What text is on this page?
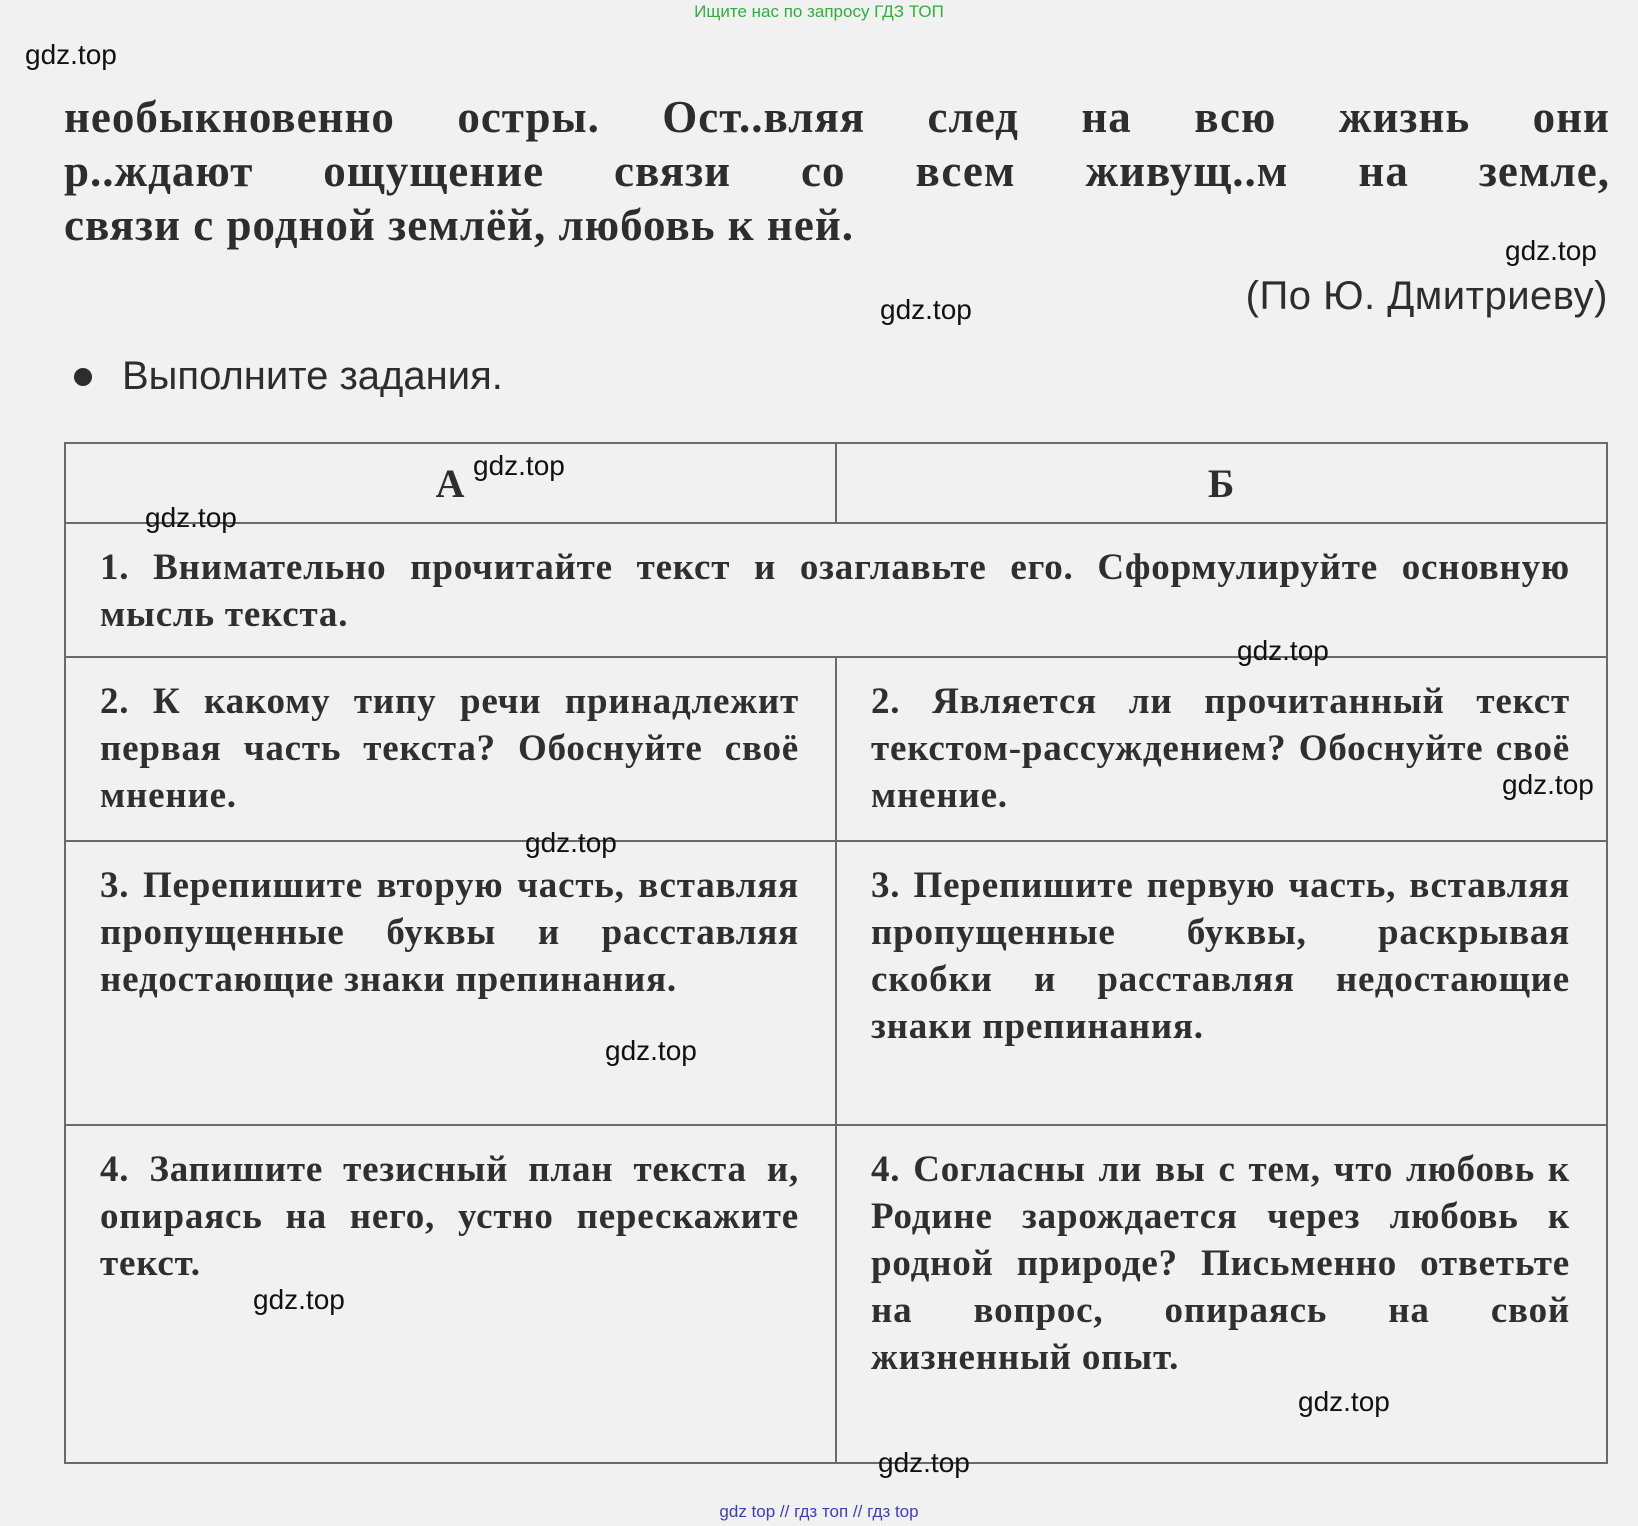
Ищите нас по запросу ГДЗ ТОП
необыкновенно остры. Ост..вляя след на всю жизнь они
р..ждают ощущение связи со всем живущ..м на земле,
связи с родной землёй, любовь к ней.
(По Ю. Дмитриеву)
Выполните задания.
А	Б

1. Внимательно прочитайте текст и озаглавьте его. Сформулируйте основную мысль текста.	

2. К какому типу речи принадлежит первая часть текста? Обоснуйте своё мнение.	2. Является ли прочитанный текст текстом-рассуждением? Обоснуйте своё мнение.

3. Перепишите вторую часть, вставляя пропущенные буквы и расставляя недостающие знаки препинания.	3. Перепишите первую часть, вставляя пропущенные буквы, раскрывая скобки и расставляя недостающие знаки препинания.

4. Запишите тезисный план текста и, опираясь на него, устно перескажите текст.	4. Согласны ли вы с тем, что любовь к Родине зарождается через любовь к родной природе? Письменно ответьте на вопрос, опираясь на свой жизненный опыт.
gdz.top
gdz.top
gdz.top
gdz.top
gdz.top
gdz.top
gdz.top
gdz.top
gdz.top
gdz.top
gdz.top
gdz.top
gdz top // гдз топ // гдз top
